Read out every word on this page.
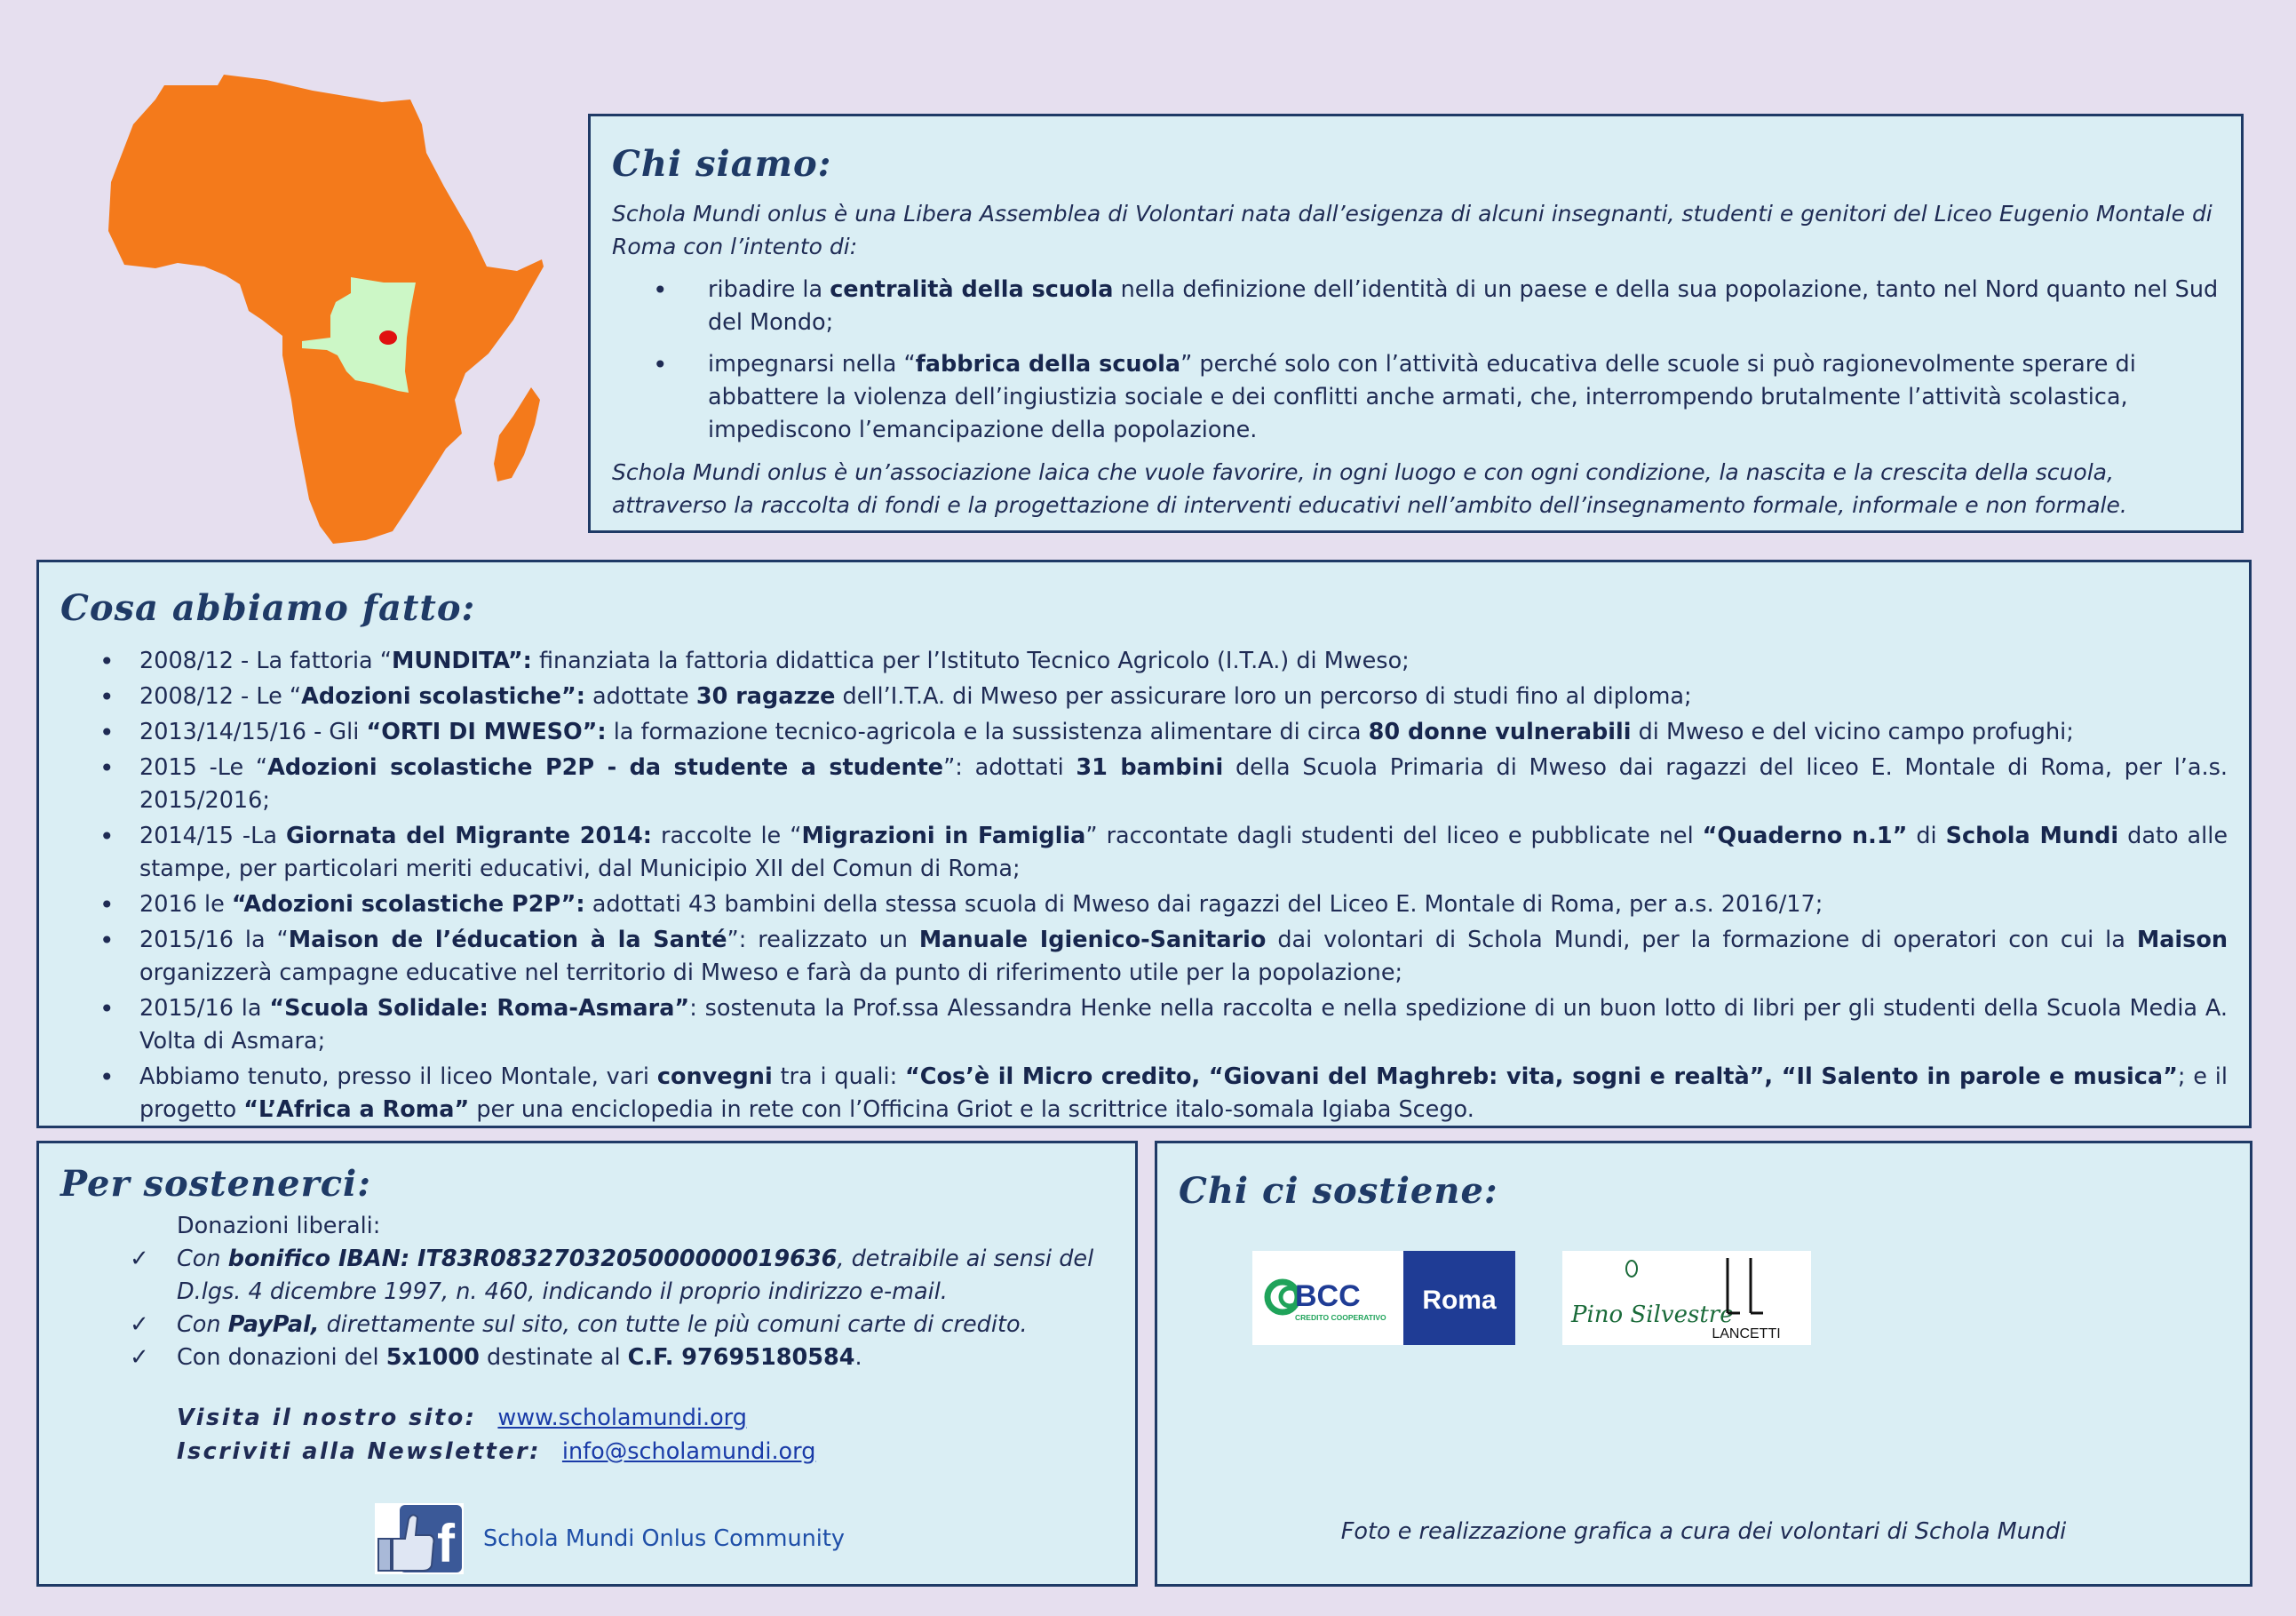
Chi siamo:

Schola Mundi onlus è una Libera Assemblea di Volontari nata dall’esigenza di alcuni insegnanti, studenti e genitori del Liceo Eugenio Montale di Roma con l’intento di:

• ribadire la centralità della scuola nella definizione dell’identità di un paese e della sua popolazione, tanto nel Nord quanto nel Sud del Mondo;
• impegnarsi nella “fabbrica della scuola” perché solo con l’attività educativa delle scuole si può ragionevolmente sperare di abbattere la violenza dell’ingiustizia sociale e dei conflitti anche armati, che, interrompendo brutalmente l’attività scolastica, impediscono l’emancipazione della popolazione.

Schola Mundi onlus è un’associazione laica che vuole favorire, in ogni luogo e con ogni condizione, la nascita e la crescita della scuola, attraverso la raccolta di fondi e la progettazione di interventi educativi nell’ambito dell’insegnamento formale, informale e non formale.

Cosa abbiamo fatto:
• 2008/12 - La fattoria “MUNDITA”: finanziata la fattoria didattica per l’Istituto Tecnico Agricolo (I.T.A.) di Mweso;
• 2008/12 - Le “Adozioni scolastiche”: adottate 30 ragazze dell’I.T.A. di Mweso per assicurare loro un percorso di studi fino al diploma;
• 2013/14/15/16 - Gli “ORTI DI MWESO”: la formazione tecnico-agricola e la sussistenza alimentare di circa 80 donne vulnerabili di Mweso e del vicino campo profughi;
• 2015 -Le “Adozioni scolastiche P2P - da studente a studente”: adottati 31 bambini della Scuola Primaria di Mweso dai ragazzi del liceo E. Montale di Roma, per l’a.s. 2015/2016;
• 2014/15 -La Giornata del Migrante 2014: raccolte le “Migrazioni in Famiglia” raccontate dagli studenti del liceo e pubblicate nel “Quaderno n.1” di Schola Mundi dato alle stampe, per particolari meriti educativi, dal Municipio XII del Comun di Roma;
• 2016 le “Adozioni scolastiche P2P”: adottati 43 bambini della stessa scuola di Mweso dai ragazzi del Liceo E. Montale di Roma, per a.s. 2016/17;
• 2015/16 la “Maison de l’éducation à la Santé”: realizzato un Manuale Igienico-Sanitario dai volontari di Schola Mundi, per la formazione di operatori con cui la Maison organizzerà campagne educative nel territorio di Mweso e farà da punto di riferimento utile per la popolazione;
• 2015/16 la “Scuola Solidale: Roma-Asmara”: sostenuta la Prof.ssa Alessandra Henke nella raccolta e nella spedizione di un buon lotto di libri per gli studenti della Scuola Media A. Volta di Asmara;
• Abbiamo tenuto, presso il liceo Montale, vari convegni tra i quali: “Cos’è il Micro credito, “Giovani del Maghreb: vita, sogni e realtà”, “Il Salento in parole e musica”; e il progetto “L’Africa a Roma” per una enciclopedia in rete con l’Officina Griot e la scrittrice italo-somala Igiaba Scego.
Per sostenerci:

Donazioni liberali:

✓ Con bonifico IBAN: IT83R0832703205000000019636, detraibile ai sensi del D.lgs. 4 dicembre 1997, n. 460, indicando il proprio indirizzo e-mail.
✓ Con PayPal, direttamente sul sito, con tutte le più comuni carte di credito.
✓ Con donazioni del 5x1000 destinate al C.F. 97695180584.
Visita il nostro sito: www.scholamundi.org
Iscriviti alla Newsletter: info@scholamundi.org
f Schola Mundi Onlus Community
Chi ci sostiene:
BCC
CREDITO COOPERATIVO
Roma	Pino Silvestre
LANCETTI

Foto e realizzazione grafica a cura dei volontari di Schola Mundi
